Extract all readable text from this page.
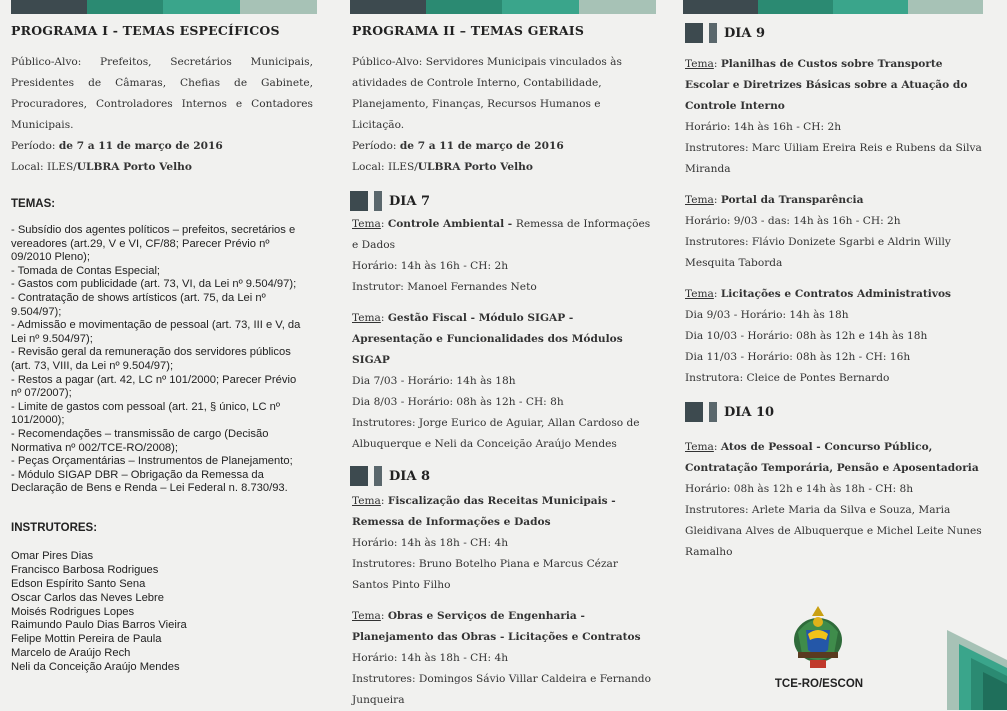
PROGRAMA I - TEMAS ESPECÍFICOS
Público-Alvo: Prefeitos, Secretários Municipais, Presidentes de Câmaras, Chefias de Gabinete, Procuradores, Controladores Internos e Contadores Municipais.
Período: de 7 a 11 de março de 2016
Local: ILES/ULBRA Porto Velho
TEMAS:
- Subsídio dos agentes políticos – prefeitos, secretários e vereadores (art.29, V e VI, CF/88; Parecer Prévio nº 09/2010 Pleno);
- Tomada de Contas Especial;
- Gastos com publicidade (art. 73, VI, da Lei nº 9.504/97);
- Contratação de shows artísticos (art. 75, da Lei nº 9.504/97);
- Admissão e movimentação de pessoal (art. 73, III e V, da Lei nº 9.504/97);
- Revisão geral da remuneração dos servidores públicos (art. 73, VIII, da Lei nº 9.504/97);
- Restos a pagar (art. 42, LC nº 101/2000; Parecer Prévio nº 07/2007);
- Limite de gastos com pessoal (art. 21, § único, LC nº 101/2000);
- Recomendações – transmissão de cargo (Decisão Normativa nº 002/TCE-RO/2008);
- Peças Orçamentárias – Instrumentos de Planejamento;
- Módulo SIGAP DBR – Obrigação da Remessa da Declaração de Bens e Renda – Lei Federal n. 8.730/93.
INSTRUTORES:
Omar Pires Dias
Francisco Barbosa Rodrigues
Edson Espírito Santo Sena
Oscar Carlos das Neves Lebre
Moisés Rodrigues Lopes
Raimundo Paulo Dias Barros Vieira
Felipe Mottin Pereira de Paula
Marcelo de Araújo Rech
Neli da Conceição Araújo Mendes
PROGRAMA II – TEMAS GERAIS
Público-Alvo: Servidores Municipais vinculados às atividades de Controle Interno, Contabilidade, Planejamento, Finanças, Recursos Humanos e Licitação.
Período: de 7 a 11 de março de 2016
Local: ILES/ULBRA Porto Velho
DIA 7

Tema: Controle Ambiental - Remessa de Informações e Dados

Horário: 14h às 16h - CH: 2h

Instrutor: Manoel Fernandes Neto

Tema: Gestão Fiscal - Módulo SIGAP - Apresentação e Funcionalidades dos Módulos SIGAP

Dia 7/03 - Horário: 14h às 18h

Dia 8/03 - Horário: 08h às 12h - CH: 8h

Instrutores: Jorge Eurico de Aguiar, Allan Cardoso de Albuquerque e Neli da Conceição Araújo Mendes

DIA 8

Tema: Fiscalização das Receitas Municipais - Remessa de Informações e Dados

Horário: 14h às 18h - CH: 4h

Instrutores: Bruno Botelho Piana e Marcus Cézar Santos Pinto Filho

Tema: Obras e Serviços de Engenharia - Planejamento das Obras - Licitações e Contratos

Horário: 14h às 18h - CH: 4h

Instrutores: Domingos Sávio Villar Caldeira e Fernando Junqueira

DIA 9

Tema: Planilhas de Custos sobre Transporte Escolar e Diretrizes Básicas sobre a Atuação do Controle Interno

Horário: 14h às 16h - CH: 2h

Instrutores: Marc Uiliam Ereira Reis e Rubens da Silva Miranda

Tema: Portal da Transparência

Horário: 9/03 - das: 14h às 16h - CH: 2h

Instrutores: Flávio Donizete Sgarbi e Aldrin Willy Mesquita Taborda

Tema: Licitações e Contratos Administrativos

Dia 9/03 - Horário: 14h às 18h

Dia 10/03 - Horário: 08h às 12h e 14h às 18h

Dia 11/03 - Horário: 08h às 12h - CH: 16h

Instrutora: Cleice de Pontes Bernardo

DIA 10

Tema: Atos de Pessoal - Concurso Público, Contratação Temporária, Pensão e Aposentadoria

Horário: 08h às 12h e 14h às 18h - CH: 8h

Instrutores: Arlete Maria da Silva e Souza, Maria Gleidivana Alves de Albuquerque e Michel Leite Nunes Ramalho

TCE-RO/ESCON
